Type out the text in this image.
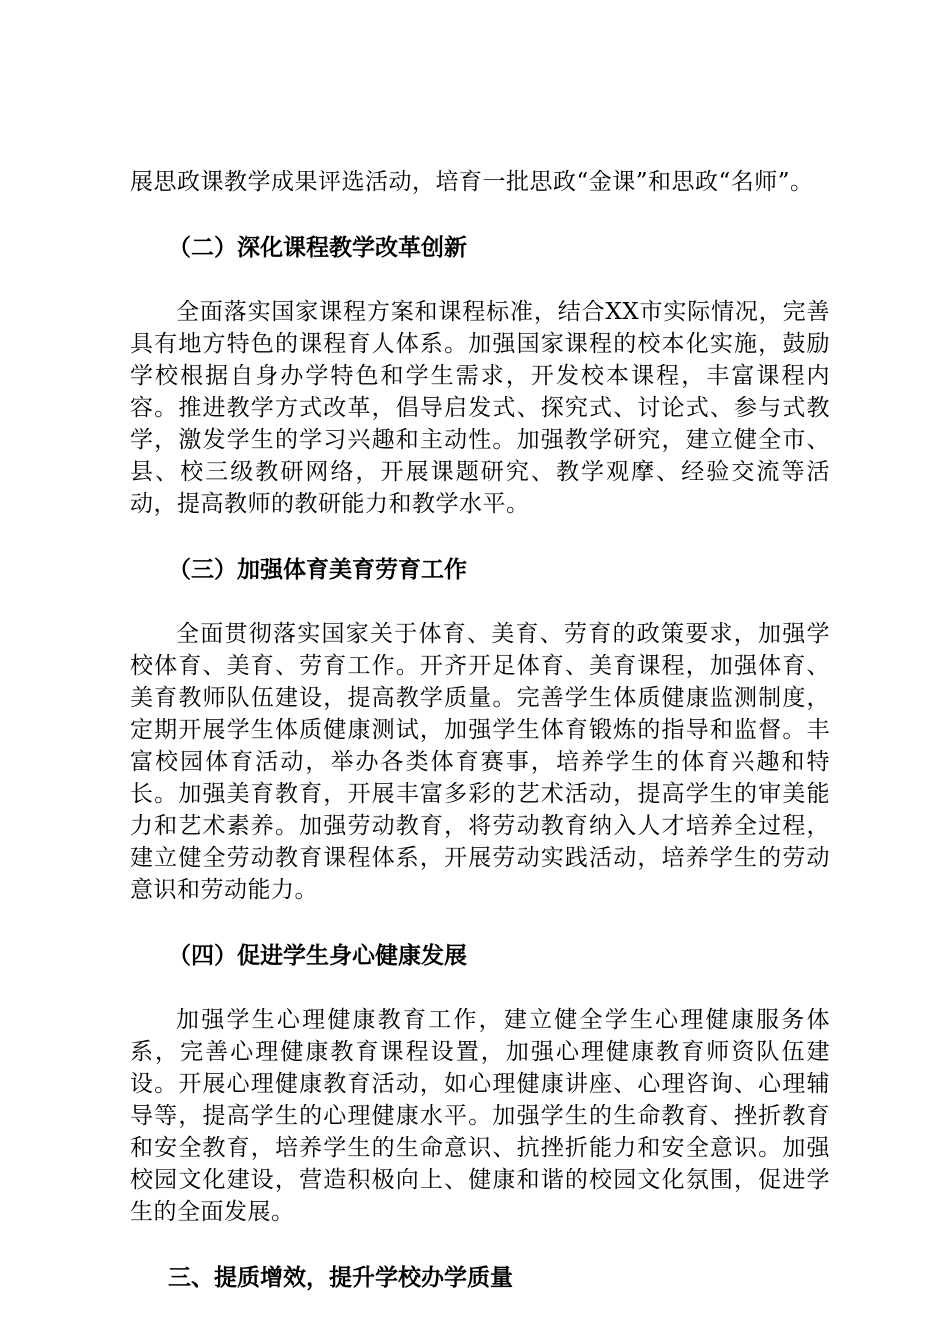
展思政课教学成果评选活动，培育一批思政“金课”和思政“名师”。

（二）深化课程教学改革创新

全面落实国家课程方案和课程标准，结合XX市实际情况，完善具有地方特色的课程育人体系。加强国家课程的校本化实施，鼓励学校根据自身办学特色和学生需求，开发校本课程，丰富课程内容。推进教学方式改革，倡导启发式、探究式、讨论式、参与式教学，激发学生的学习兴趣和主动性。加强教学研究，建立健全市、县、校三级教研网络，开展课题研究、教学观摩、经验交流等活动，提高教师的教研能力和教学水平。

（三）加强体育美育劳育工作

全面贯彻落实国家关于体育、美育、劳育的政策要求，加强学校体育、美育、劳育工作。开齐开足体育、美育课程，加强体育、美育教师队伍建设，提高教学质量。完善学生体质健康监测制度，定期开展学生体质健康测试，加强学生体育锻炼的指导和监督。丰富校园体育活动，举办各类体育赛事，培养学生的体育兴趣和特长。加强美育教育，开展丰富多彩的艺术活动，提高学生的审美能力和艺术素养。加强劳动教育，将劳动教育纳入人才培养全过程，建立健全劳动教育课程体系，开展劳动实践活动，培养学生的劳动意识和劳动能力。

（四）促进学生身心健康发展

加强学生心理健康教育工作，建立健全学生心理健康服务体系，完善心理健康教育课程设置，加强心理健康教育师资队伍建设。开展心理健康教育活动，如心理健康讲座、心理咨询、心理辅导等，提高学生的心理健康水平。加强学生的生命教育、挫折教育和安全教育，培养学生的生命意识、抗挫折能力和安全意识。加强校园文化建设，营造积极向上、健康和谐的校园文化氛围，促进学生的全面发展。

三、提质增效，提升学校办学质量
